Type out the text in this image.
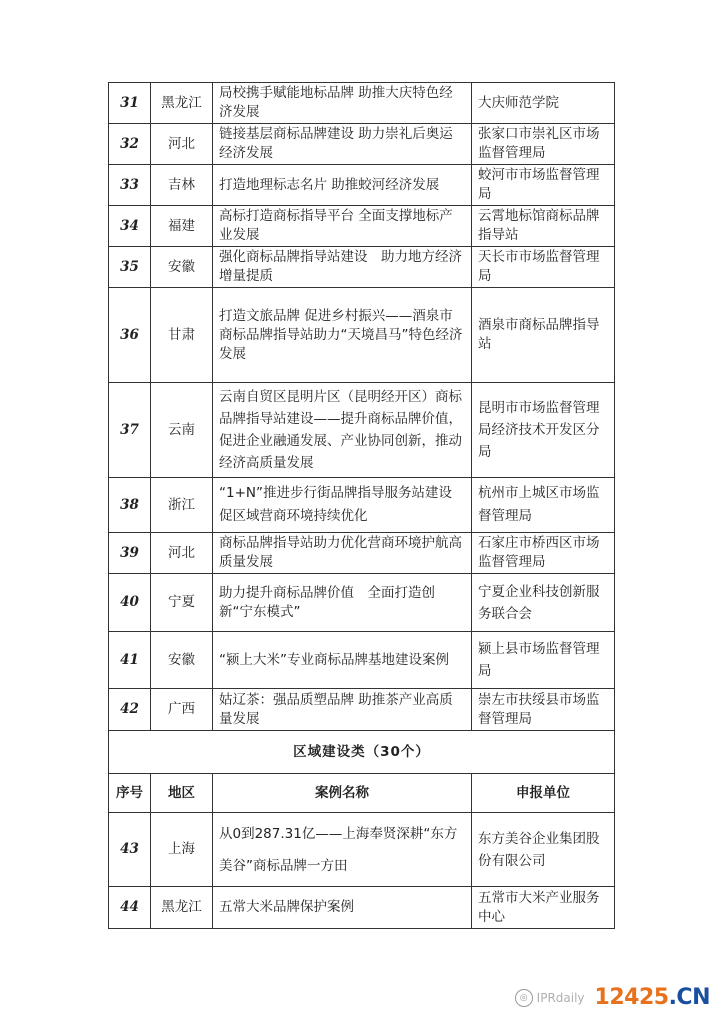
31	黑龙江	局校携手赋能地标品牌 助推大庆特色经济发展	大庆师范学院
32	河北	链接基层商标品牌建设 助力崇礼后奥运经济发展	张家口市崇礼区市场监督管理局
33	吉林	打造地理标志名片 助推蛟河经济发展	蛟河市市场监督管理局
34	福建	高标打造商标指导平台 全面支撑地标产业发展	云霄地标馆商标品牌指导站
35	安徽	强化商标品牌指导站建设　助力地方经济增量提质	天长市市场监督管理局
36	甘肃	打造文旅品牌 促进乡村振兴——酒泉市商标品牌指导站助力“天境昌马”特色经济发展	酒泉市商标品牌指导站
37	云南	云南自贸区昆明片区（昆明经开区）商标品牌指导站建设——提升商标品牌价值，促进企业融通发展、产业协同创新，推动经济高质量发展	昆明市市场监督管理局经济技术开发区分局
38	浙江	“1+N”推进步行街品牌指导服务站建设 促区域营商环境持续优化	杭州市上城区市场监督管理局
39	河北	商标品牌指导站助力优化营商环境护航高质量发展	石家庄市桥西区市场监督管理局
40	宁夏	助力提升商标品牌价值　全面打造创新“宁东模式”	宁夏企业科技创新服务联合会
41	安徽	“颍上大米”专业商标品牌基地建设案例	颍上县市场监督管理局
42	广西	姑辽茶：强品质塑品牌 助推茶产业高质量发展	崇左市扶绥县市场监督管理局
区域建设类（30个）			
序号	地区	案例名称	申报单位
43	上海	从0到287.31亿——上海奉贤深耕“东方美谷”商标品牌一方田	东方美谷企业集团股份有限公司
44	黑龙江	五常大米品牌保护案例	五常市大米产业服务中心
◎ IPRdaily 12425.CN
